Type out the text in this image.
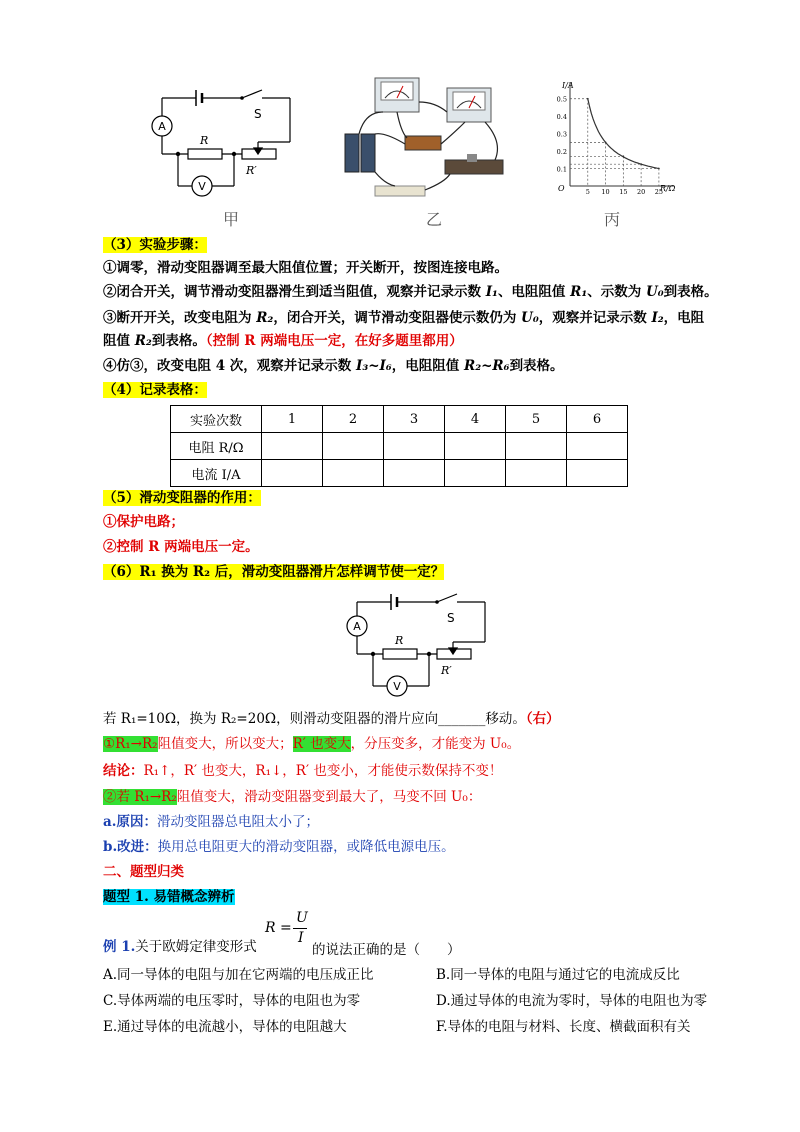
A
V
S
R
R′
甲	乙
0.5
0.4
0.3
0.2
0.1
5 10 15 20 25
I/A
R/Ω
O
丙
（3）实验步骤：
①调零，滑动变阻器调至最大阻值位置；开关断开，按图连接电路。
②闭合开关，调节滑动变阻器滑生到适当阻值，观察并记录示数 I₁、电阻阻值 R₁、示数为 U₀到表格。
③断开开关，改变电阻为 R₂，闭合开关，调节滑动变阻器使示数仍为 U₀，观察并记录示数 I₂，电阻
阻值 R₂到表格。（控制 R 两端电压一定，在好多题里都用）
④仿③，改变电阻 4 次，观察并记录示数 I₃~I₆，电阻阻值 R₂~R₆到表格。
（4）记录表格：
实验次数	1	2	3	4	5	6
电阻 R/Ω						
电流 I/A						
（5）滑动变阻器的作用：
①保护电路；
②控制 R 两端电压一定。
（6）R₁ 换为 R₂ 后，滑动变阻器滑片怎样调节使一定？
A
V
S
R
R′
若 R₁=10Ω，换为 R₂=20Ω，则滑动变阻器的滑片应向_______移动。（右）
①R₁→R₂阻值变大，所以变大；R′ 也变大，分压变多，才能变为 U₀。
结论：R₁↑，R′ 也变大，R₁↓，R′ 也变小，才能使示数保持不变！
②若 R₁→R₂阻值变大，滑动变阻器变到最大了，马变不回 U₀：
a.原因：滑动变阻器总电阻太小了；
b.改进：换用总电阻更大的滑动变阻器，或降低电源电压。
二、题型归类
题型 1. 易错概念辨析
R =
U
I
例 1.关于欧姆定律变形式	的说法正确的是（　　）
A.同一导体的电阻与加在它两端的电压成正比	B.同一导体的电阻与通过它的电流成反比
C.导体两端的电压零时，导体的电阻也为零	D.通过导体的电流为零时，导体的电阻也为零
E.通过导体的电流越小，导体的电阻越大	F.导体的电阻与材料、长度、横截面积有关
